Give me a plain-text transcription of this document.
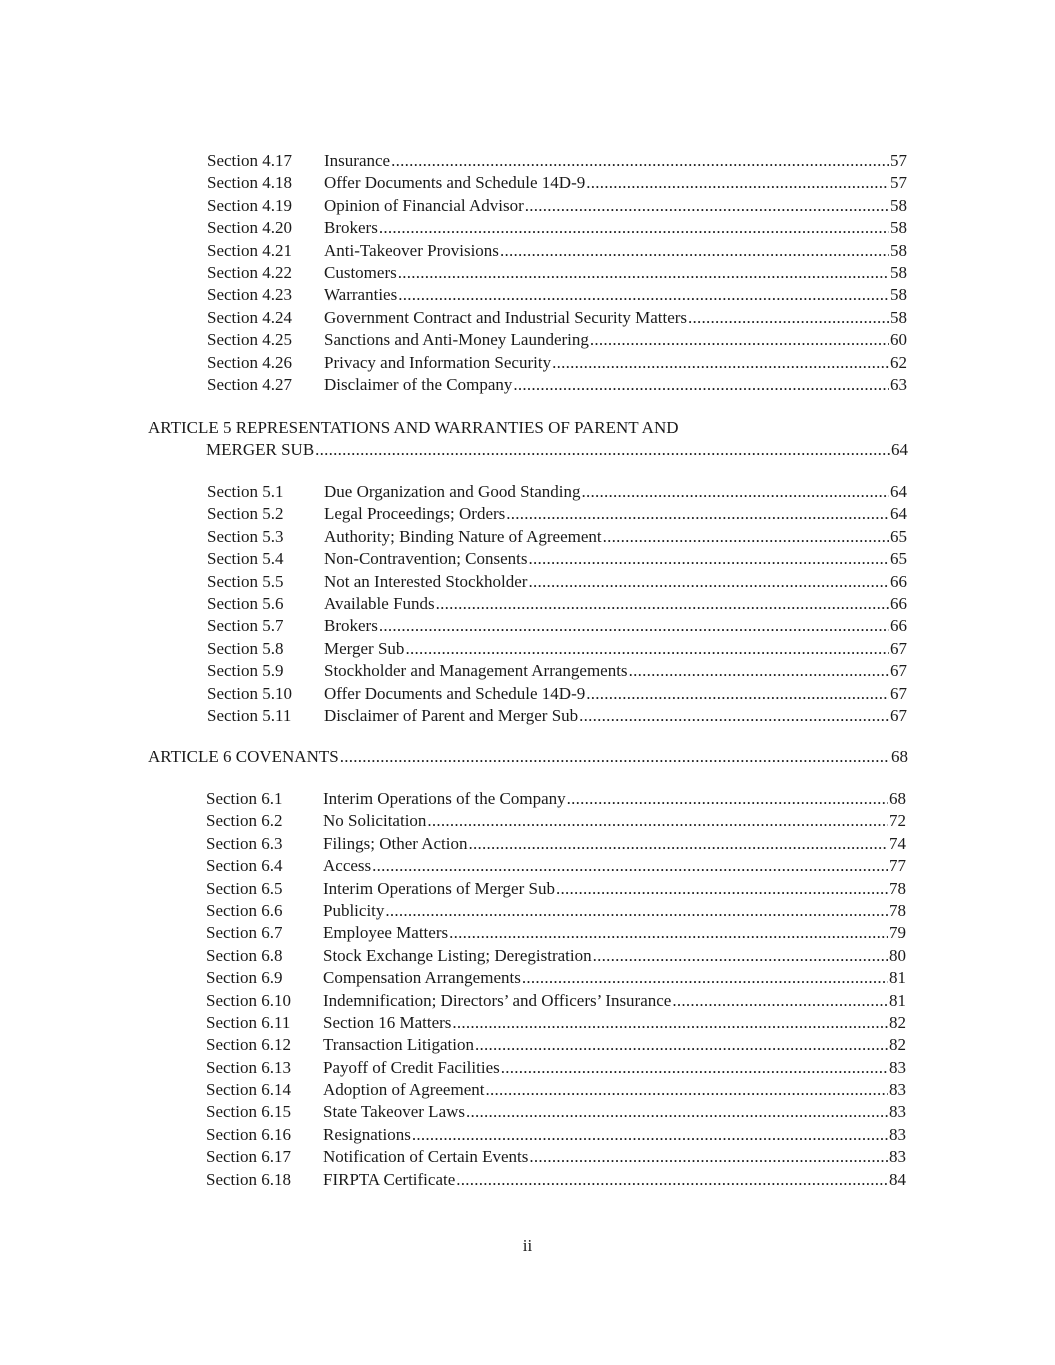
Section 4.17	Insurance . . .	57
Section 4.18	Offer Documents and Schedule 14D-9 . . .	57
Section 4.19	Opinion of Financial Advisor . . .	58
Section 4.20	Brokers . . .	58
Section 4.21	Anti-Takeover Provisions . . .	58
Section 4.22	Customers . . .	58
Section 4.23	Warranties . . .	58
Section 4.24	Government Contract and Industrial Security Matters . . .	58
Section 4.25	Sanctions and Anti-Money Laundering . . .	60
Section 4.26	Privacy and Information Security . . .	62
Section 4.27	Disclaimer of the Company . . .	63
ARTICLE 5 REPRESENTATIONS AND WARRANTIES OF PARENT AND
MERGER SUB . . .	64
Section 5.1	Due Organization and Good Standing . . .	64
Section 5.2	Legal Proceedings; Orders . . .	64
Section 5.3	Authority; Binding Nature of Agreement . . .	65
Section 5.4	Non-Contravention; Consents . . .	65
Section 5.5	Not an Interested Stockholder . . .	66
Section 5.6	Available Funds . . .	66
Section 5.7	Brokers . . .	66
Section 5.8	Merger Sub . . .	67
Section 5.9	Stockholder and Management Arrangements . . .	67
Section 5.10	Offer Documents and Schedule 14D-9 . . .	67
Section 5.11	Disclaimer of Parent and Merger Sub . . .	67
ARTICLE 6 COVENANTS . . .	68
Section 6.1	Interim Operations of the Company . . .	68
Section 6.2	No Solicitation . . .	72
Section 6.3	Filings; Other Action . . .	74
Section 6.4	Access . . .	77
Section 6.5	Interim Operations of Merger Sub . . .	78
Section 6.6	Publicity . . .	78
Section 6.7	Employee Matters . . .	79
Section 6.8	Stock Exchange Listing; Deregistration . . .	80
Section 6.9	Compensation Arrangements . . .	81
Section 6.10	Indemnification; Directors’ and Officers’ Insurance . . .	81
Section 6.11	Section 16 Matters . . .	82
Section 6.12	Transaction Litigation . . .	82
Section 6.13	Payoff of Credit Facilities . . .	83
Section 6.14	Adoption of Agreement . . .	83
Section 6.15	State Takeover Laws . . .	83
Section 6.16	Resignations . . .	83
Section 6.17	Notification of Certain Events . . .	83
Section 6.18	FIRPTA Certificate . . .	84
ii
